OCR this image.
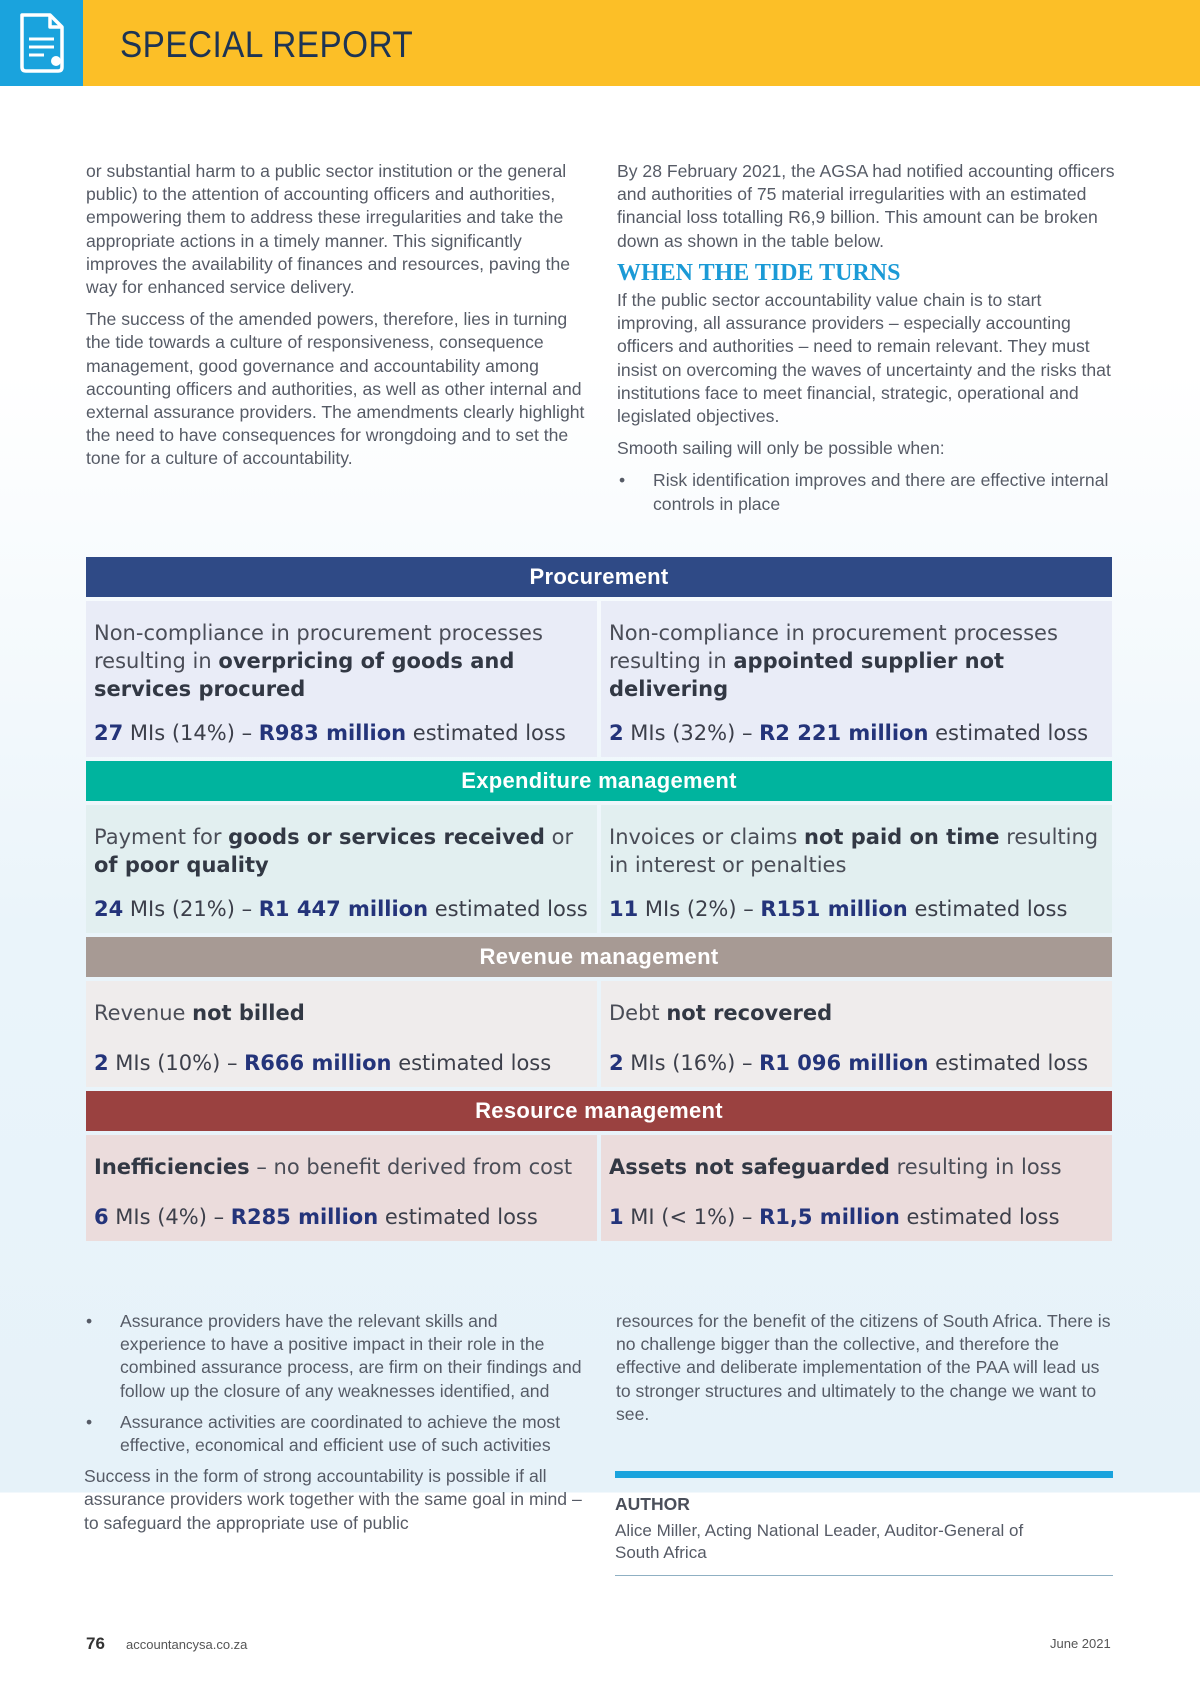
SPECIAL REPORT

or substantial harm to a public sector institution or the general public) to the attention of accounting officers and authorities, empowering them to address these irregularities and take the appropriate actions in a timely manner. This significantly improves the availability of finances and resources, paving the way for enhanced service delivery.

The success of the amended powers, therefore, lies in turning the tide towards a culture of responsiveness, consequence management, good governance and accountability among accounting officers and authorities, as well as other internal and external assurance providers. The amendments clearly highlight the need to have consequences for wrongdoing and to set the tone for a culture of accountability.

By 28 February 2021, the AGSA had notified accounting officers and authorities of 75 material irregularities with an estimated financial loss totalling R6,9 billion. This amount can be broken down as shown in the table below.

WHEN THE TIDE TURNS

If the public sector accountability value chain is to start improving, all assurance providers – especially accounting officers and authorities – need to remain relevant. They must insist on overcoming the waves of uncertainty and the risks that institutions face to meet financial, strategic, operational and legislated objectives.

Smooth sailing will only be possible when:

• Risk identification improves and there are effective internal controls in place
Procurement
Non-compliance in procurement processes resulting in overpricing of goods and services procured
27 MIs (14%) – R983 million estimated loss
Non-compliance in procurement processes resulting in appointed supplier not delivering
2 MIs (32%) – R2 221 million estimated loss
Expenditure management
Payment for goods or services received or of poor quality
24 MIs (21%) – R1 447 million estimated loss
Invoices or claims not paid on time resulting in interest or penalties
11 MIs (2%) – R151 million estimated loss
Revenue management
Revenue not billed
2 MIs (10%) – R666 million estimated loss
Debt not recovered
2 MIs (16%) – R1 096 million estimated loss
Resource management
Inefficiencies – no benefit derived from cost
6 MIs (4%) – R285 million estimated loss
Assets not safeguarded resulting in loss
1 MI (< 1%) – R1,5 million estimated loss
• Assurance providers have the relevant skills and experience to have a positive impact in their role in the combined assurance process, are firm on their findings and follow up the closure of any weaknesses identified, and
• Assurance activities are coordinated to achieve the most effective, economical and efficient use of such activities

Success in the form of strong accountability is possible if all assurance providers work together with the same goal in mind – to safeguard the appropriate use of public

resources for the benefit of the citizens of South Africa. There is no challenge bigger than the collective, and therefore the effective and deliberate implementation of the PAA will lead us to stronger structures and ultimately to the change we want to see.

AUTHOR
Alice Miller, Acting National Leader, Auditor-General of South Africa
76 accountancysa.co.za	June 2021
